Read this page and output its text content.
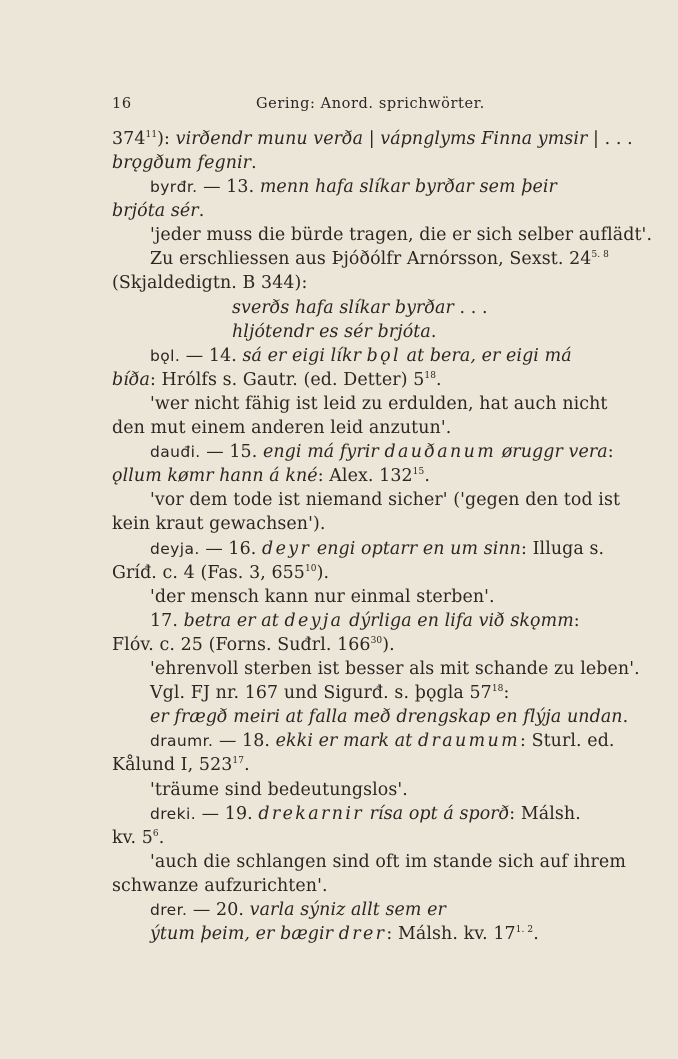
16	Gering: Anord. sprichwörter.
$374^{11}$): virðendr munu verða | vápnglyms Finna ymsir | . . .
brǫgðum fegnir.
byrđr. — 13. menn hafa slíkar byrðar sem þeir
brjóta sér.
'jeder muss die bürde tragen, die er sich selber auflädt'.
Zu erschliessen aus Þjóðólfr Arnórsson, Sexst. $24^{5. 8}$
(Skjaldedigtn. B 344):
sverðs hafa slíkar byrðar . . .
hljótendr es sér brjóta.
bǫl. — 14. sá er eigi líkr bǫl at bera, er eigi má
bíða: Hrólfs s. Gautr. (ed. Detter) $5^{18}$.
'wer nicht fähig ist leid zu erdulden, hat auch nicht
den mut einem anderen leid anzutun'.
dauđi. — 15. engi má fyrir dauðanum øruggr vera:
ǫllum kømr hann á kné: Alex. $132^{15}$.
'vor dem tode ist niemand sicher' ('gegen den tod ist
kein kraut gewachsen').
deyja. — 16. deyr engi optarr en um sinn: Illuga s.
Gríđ. c. 4 (Fas. 3, $655^{10}$).
'der mensch kann nur einmal sterben'.
17. betra er at deyja dýrliga en lifa við skǫmm:
Flóv. c. 25 (Forns. Suđrl. $166^{30}$).
'ehrenvoll sterben ist besser als mit schande zu leben'.
Vgl. FJ nr. 167 und Sigurđ. s. þǫgla $57^{18}$:
er frægð meiri at falla með drengskap en flýja undan.
draumr. — 18. ekki er mark at draumum: Sturl. ed.
Kålund I, $523^{17}$.
'träume sind bedeutungslos'.
dreki. — 19. drekarnir rísa opt á sporð: Málsh.
kv. $5^6$.
'auch die schlangen sind oft im stande sich auf ihrem
schwanze aufzurichten'.
drer. — 20. varla sýniz allt sem er
ýtum þeim, er bægir drer: Málsh. kv. $17^{1. 2}$.
